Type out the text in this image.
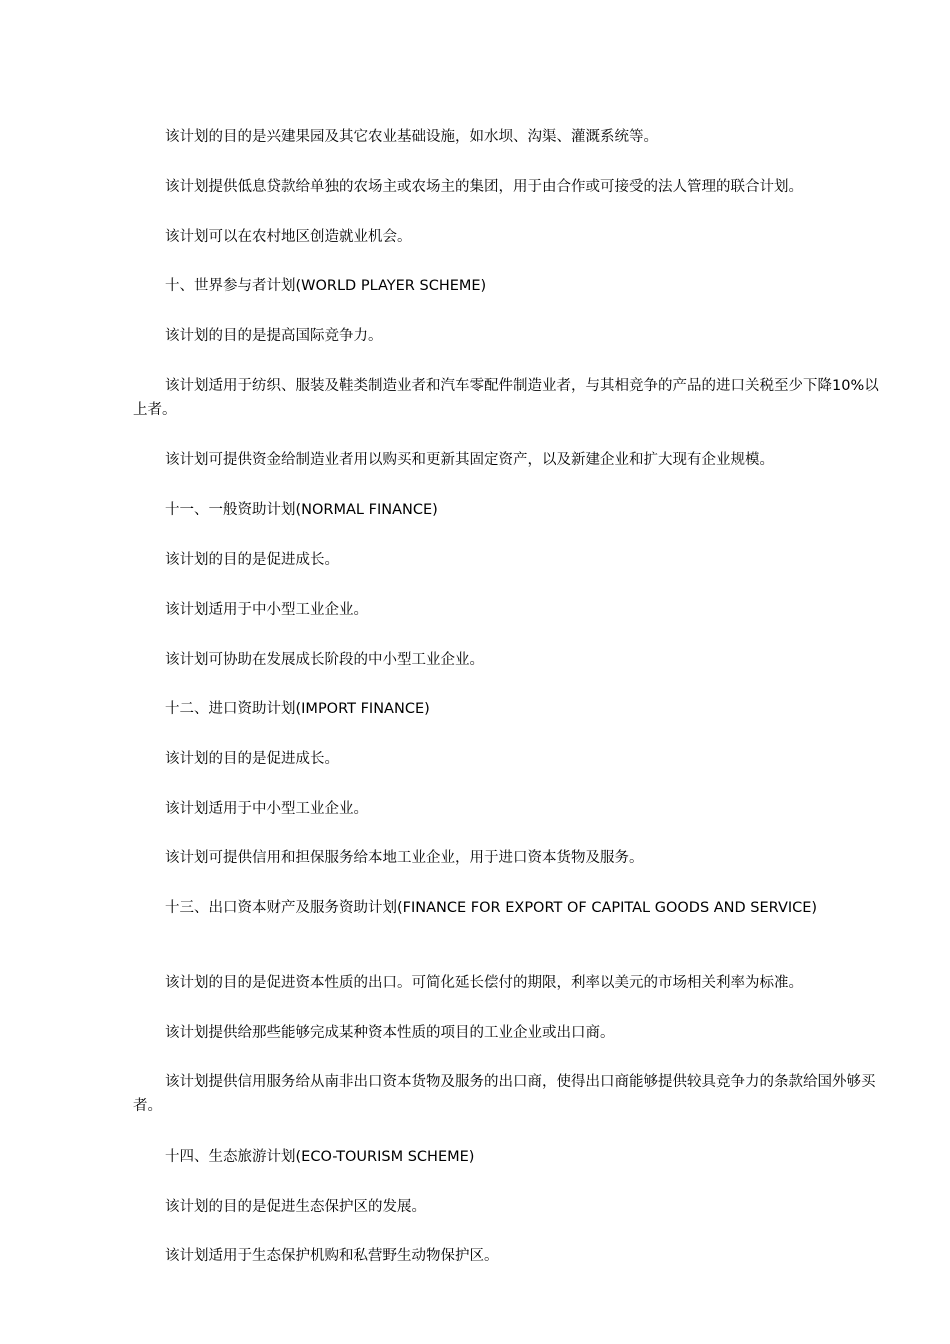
该计划的目的是兴建果园及其它农业基础设施，如水坝、沟渠、灌溉系统等。

该计划提供低息贷款给单独的农场主或农场主的集团，用于由合作或可接受的法人管理的联合计划。

该计划可以在农村地区创造就业机会。

十、世界参与者计划(WORLD PLAYER SCHEME)

该计划的目的是提高国际竞争力。

该计划适用于纺织、服装及鞋类制造业者和汽车零配件制造业者，与其相竞争的产品的进口关税至少下降10%以上者。

该计划可提供资金给制造业者用以购买和更新其固定资产，以及新建企业和扩大现有企业规模。

十一、一般资助计划(NORMAL FINANCE)

该计划的目的是促进成长。

该计划适用于中小型工业企业。

该计划可协助在发展成长阶段的中小型工业企业。

十二、进口资助计划(IMPORT FINANCE)

该计划的目的是促进成长。

该计划适用于中小型工业企业。

该计划可提供信用和担保服务给本地工业企业，用于进口资本货物及服务。

十三、出口资本财产及服务资助计划(FINANCE FOR EXPORT OF CAPITAL GOODS AND SERVICE)

该计划的目的是促进资本性质的出口。可简化延长偿付的期限，利率以美元的市场相关利率为标准。

该计划提供给那些能够完成某种资本性质的项目的工业企业或出口商。

该计划提供信用服务给从南非出口资本货物及服务的出口商，使得出口商能够提供较具竞争力的条款给国外够买者。

十四、生态旅游计划(ECO-TOURISM SCHEME)

该计划的目的是促进生态保护区的发展。

该计划适用于生态保护机购和私营野生动物保护区。
